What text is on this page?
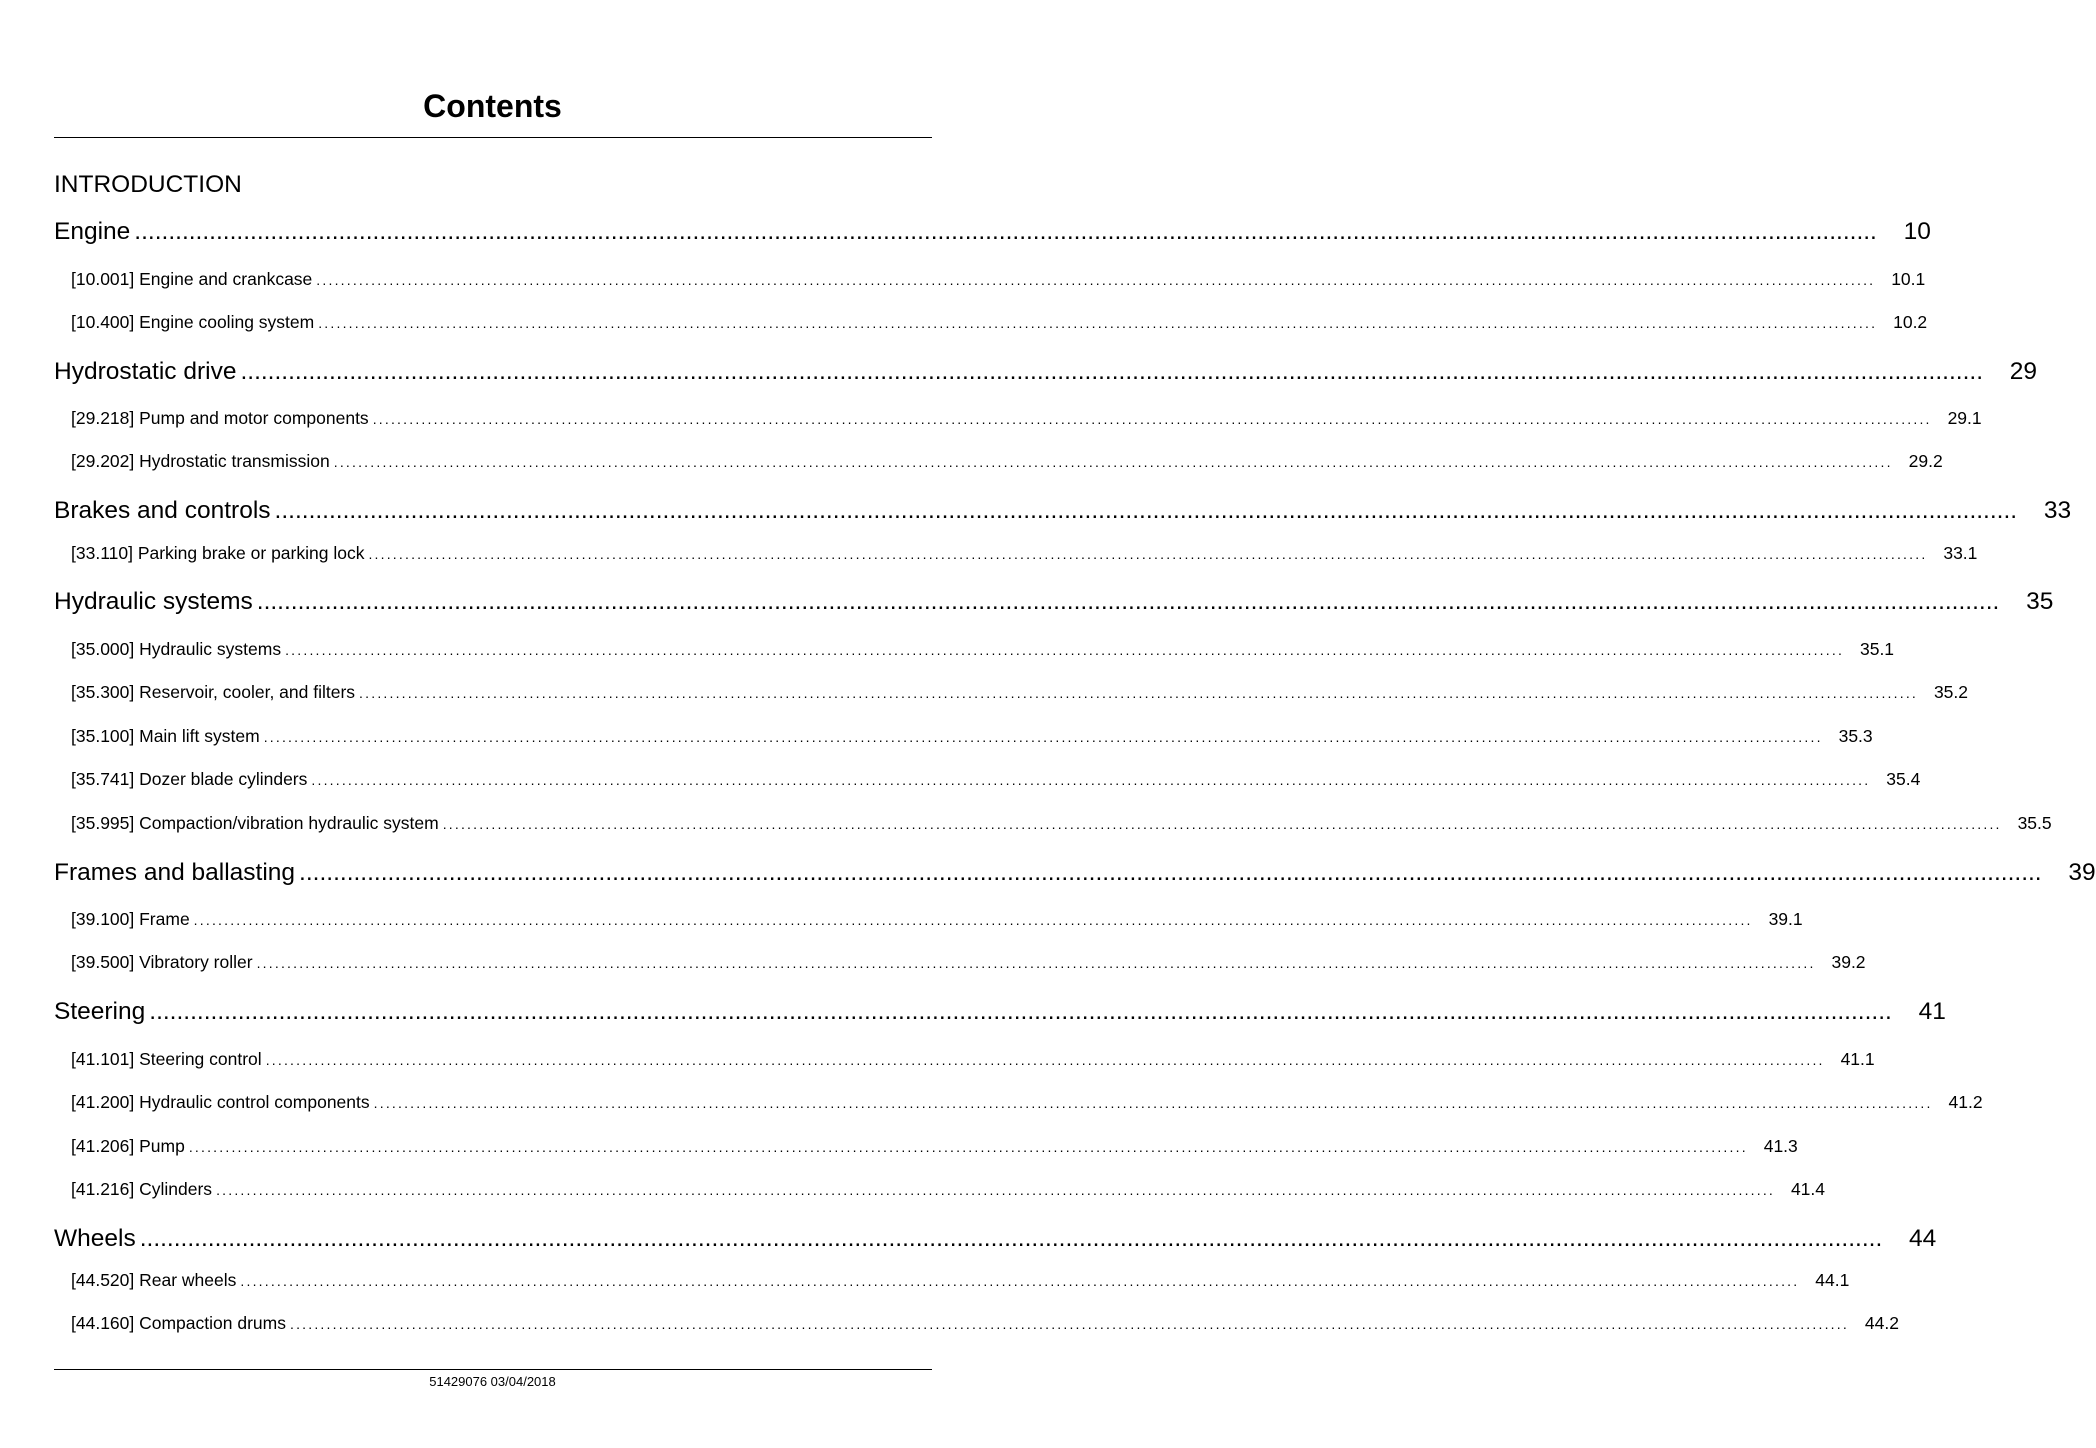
Contents
INTRODUCTION
Engine ................................................................................................................................................................................................................................................................	10
[10.001] Engine and crankcase ................................................................................................................................................................................................................................................................ 10.1
[10.400] Engine cooling system ................................................................................................................................................................................................................................................................ 10.2
Hydrostatic drive ................................................................................................................................................................................................................................................................	29
[29.218] Pump and motor components ................................................................................................................................................................................................................................................................ 29.1
[29.202] Hydrostatic transmission ................................................................................................................................................................................................................................................................ 29.2
Brakes and controls ................................................................................................................................................................................................................................................................	33
[33.110] Parking brake or parking lock ................................................................................................................................................................................................................................................................ 33.1
Hydraulic systems ................................................................................................................................................................................................................................................................	35
[35.000] Hydraulic systems ................................................................................................................................................................................................................................................................ 35.1
[35.300] Reservoir, cooler, and filters ................................................................................................................................................................................................................................................................ 35.2
[35.100] Main lift system ................................................................................................................................................................................................................................................................ 35.3
[35.741] Dozer blade cylinders ................................................................................................................................................................................................................................................................ 35.4
[35.995] Compaction/vibration hydraulic system ................................................................................................................................................................................................................................................................ 35.5
Frames and ballasting ................................................................................................................................................................................................................................................................	39
[39.100] Frame ................................................................................................................................................................................................................................................................ 39.1
[39.500] Vibratory roller ................................................................................................................................................................................................................................................................ 39.2
Steering ................................................................................................................................................................................................................................................................	41
[41.101] Steering control ................................................................................................................................................................................................................................................................ 41.1
[41.200] Hydraulic control components ................................................................................................................................................................................................................................................................ 41.2
[41.206] Pump ................................................................................................................................................................................................................................................................ 41.3
[41.216] Cylinders ................................................................................................................................................................................................................................................................ 41.4
Wheels ................................................................................................................................................................................................................................................................	44
[44.520] Rear wheels ................................................................................................................................................................................................................................................................ 44.1
[44.160] Compaction drums ................................................................................................................................................................................................................................................................ 44.2
51429076 03/04/2018
